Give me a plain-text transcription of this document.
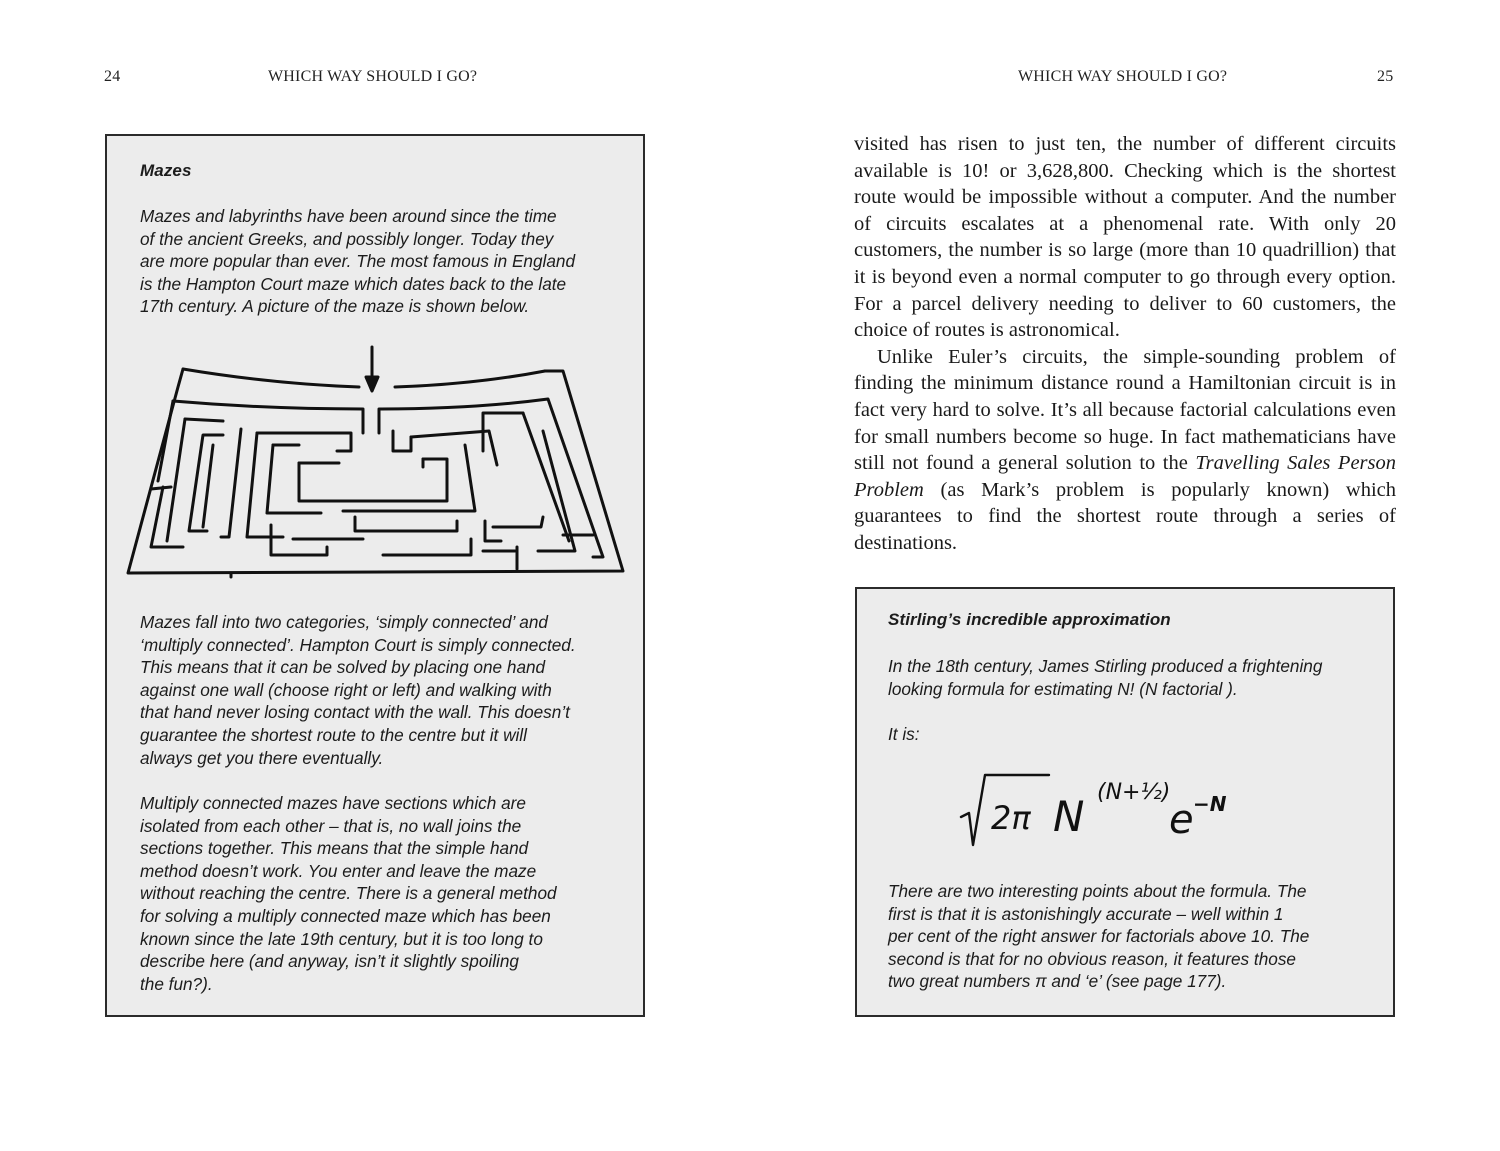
24	WHICH WAY SHOULD I GO?
Mazes
Mazes and labyrinths have been around since the time
of the ancient Greeks, and possibly longer. Today they
are more popular than ever. The most famous in England
is the Hampton Court maze which dates back to the late
17th century. A picture of the maze is shown below.
Mazes fall into two categories, ‘simply connected’ and
‘multiply connected’. Hampton Court is simply connected.
This means that it can be solved by placing one hand
against one wall (choose right or left) and walking with
that hand never losing contact with the wall. This doesn’t
guarantee the shortest route to the centre but it will
always get you there eventually.
Multiply connected mazes have sections which are
isolated from each other – that is, no wall joins the
sections together. This means that the simple hand
method doesn’t work. You enter and leave the maze
without reaching the centre. There is a general method
for solving a multiply connected maze which has been
known since the late 19th century, but it is too long to
describe here (and anyway, isn’t it slightly spoiling
the fun?).
WHICH WAY SHOULD I GO?	25

visited has risen to just ten, the number of different circuits available is 10! or 3,628,800. Checking which is the shortest route would be impossible without a computer. And the number of circuits escalates at a phenomenal rate. With only 20 customers, the number is so large (more than 10 quadrillion) that it is beyond even a normal computer to go through every option. For a parcel delivery needing to deliver to 60 customers, the choice of routes is astronomical.

Unlike Euler’s circuits, the simple-sounding problem of finding the minimum distance round a Hamiltonian circuit is in fact very hard to solve. It’s all because factorial calculations even for small numbers become so huge. In fact mathematicians have still not found a general solution to the Travelling Sales Person Problem (as Mark’s problem is popularly known) which guarantees to find the shortest route through a series of destinations.

Stirling’s incredible approximation
In the 18th century, James Stirling produced a frightening
looking formula for estimating N! (N factorial ).
It is:
2π N (N+½)
e −N
There are two interesting points about the formula. The
first is that it is astonishingly accurate – well within 1
per cent of the right answer for factorials above 10. The
second is that for no obvious reason, it features those
two great numbers π and ‘e’ (see page 177).
